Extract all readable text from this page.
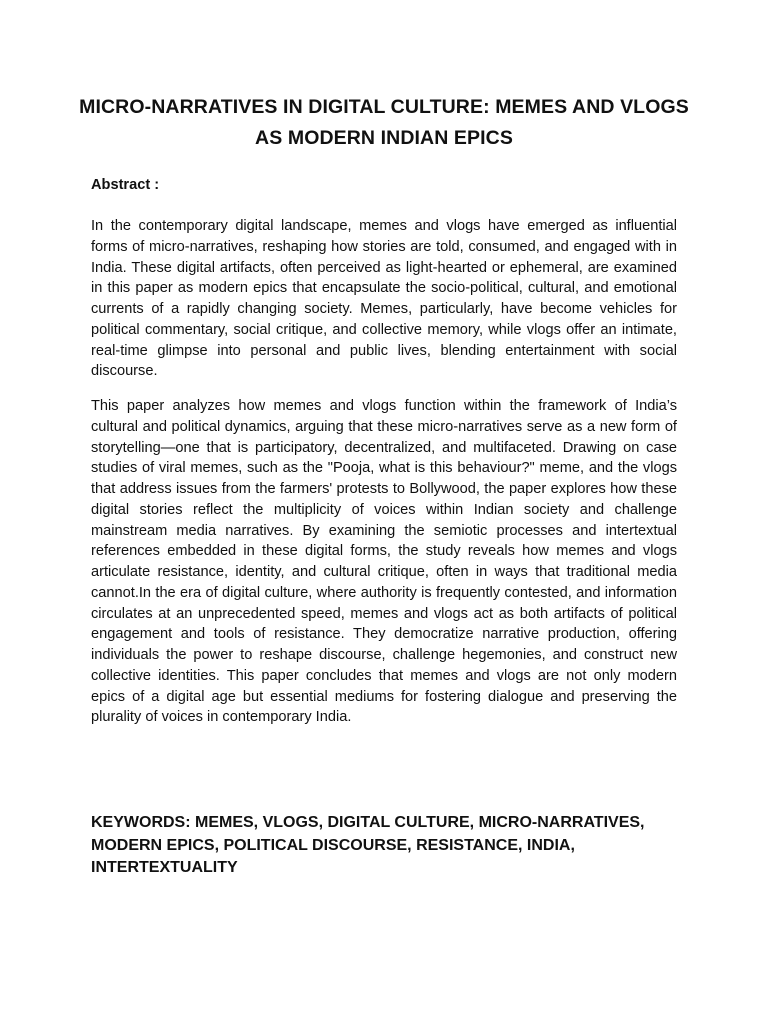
MICRO-NARRATIVES IN DIGITAL CULTURE: MEMES AND VLOGS AS MODERN INDIAN EPICS

Abstract :

In the contemporary digital landscape, memes and vlogs have emerged as influential forms of micro-narratives, reshaping how stories are told, consumed, and engaged with in India. These digital artifacts, often perceived as light-hearted or ephemeral, are examined in this paper as modern epics that encapsulate the socio-political, cultural, and emotional currents of a rapidly changing society. Memes, particularly, have become vehicles for political commentary, social critique, and collective memory, while vlogs offer an intimate, real-time glimpse into personal and public lives, blending entertainment with social discourse.

This paper analyzes how memes and vlogs function within the framework of India’s cultural and political dynamics, arguing that these micro-narratives serve as a new form of storytelling—one that is participatory, decentralized, and multifaceted. Drawing on case studies of viral memes, such as the "Pooja, what is this behaviour?" meme, and the vlogs that address issues from the farmers' protests to Bollywood, the paper explores how these digital stories reflect the multiplicity of voices within Indian society and challenge mainstream media narratives. By examining the semiotic processes and intertextual references embedded in these digital forms, the study reveals how memes and vlogs articulate resistance, identity, and cultural critique, often in ways that traditional media cannot.In the era of digital culture, where authority is frequently contested, and information circulates at an unprecedented speed, memes and vlogs act as both artifacts of political engagement and tools of resistance. They democratize narrative production, offering individuals the power to reshape discourse, challenge hegemonies, and construct new collective identities. This paper concludes that memes and vlogs are not only modern epics of a digital age but essential mediums for fostering dialogue and preserving the plurality of voices in contemporary India.

KEYWORDS: MEMES, VLOGS, DIGITAL CULTURE, MICRO-NARRATIVES, MODERN EPICS, POLITICAL DISCOURSE, RESISTANCE, INDIA, INTERTEXTUALITY
